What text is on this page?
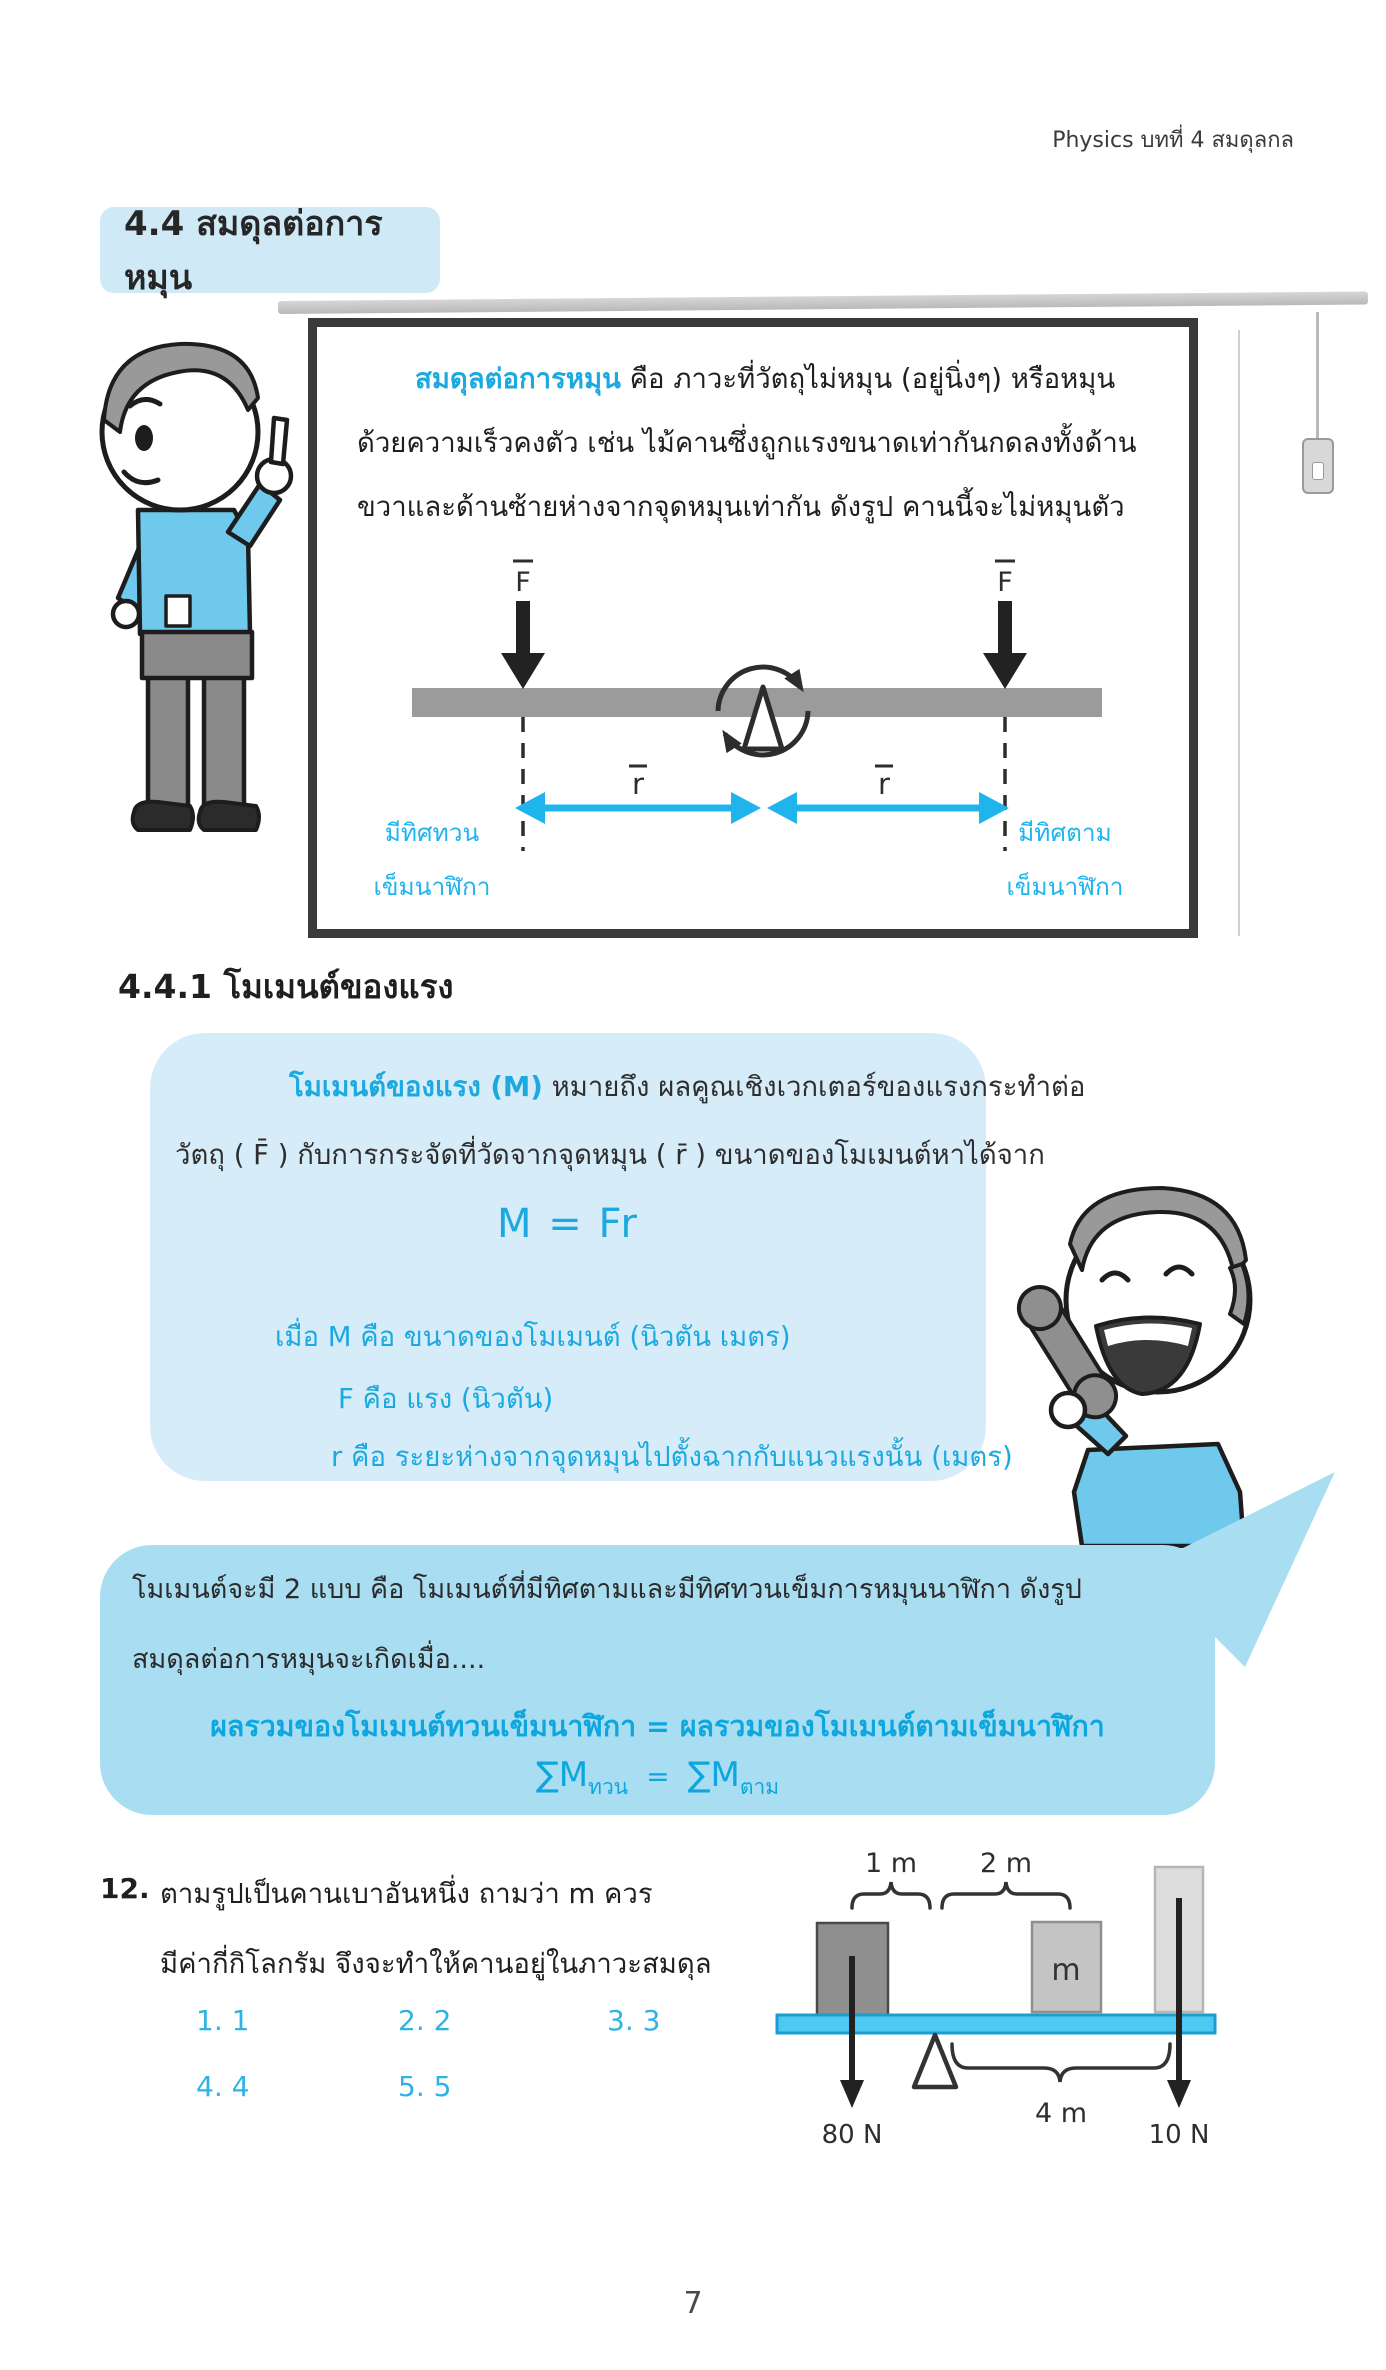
Physics บทที่ 4 สมดุลกล
4.4 สมดุลต่อการหมุน
สมดุลต่อการหมุน คือ ภาวะที่วัตถุไม่หมุน (อยู่นิ่งๆ) หรือหมุน
ด้วยความเร็วคงตัว เช่น ไม้คานซึ่งถูกแรงขนาดเท่ากันกดลงทั้งด้าน
ขวาและด้านซ้ายห่างจากจุดหมุนเท่ากัน ดังรูป คานนี้จะไม่หมุนตัว
F	F
r	r
มีทิศทวน
เข็มนาฬิกา
มีทิศตาม
เข็มนาฬิกา
4.4.1 โมเมนต์ของแรง
โมเมนต์ของแรง (M) หมายถึง ผลคูณเชิงเวกเตอร์ของแรงกระทำต่อ
วัตถุ ( F̄ ) กับการกระจัดที่วัดจากจุดหมุน ( r̄ ) ขนาดของโมเมนต์หาได้จาก
M = Fr
เมื่อ M คือ ขนาดของโมเมนต์ (นิวตัน เมตร)
F คือ แรง (นิวตัน)
r คือ ระยะห่างจากจุดหมุนไปตั้งฉากกับแนวแรงนั้น (เมตร)
โมเมนต์จะมี 2 แบบ คือ โมเมนต์ที่มีทิศตามและมีทิศทวนเข็มการหมุนนาฬิกา ดังรูป
สมดุลต่อการหมุนจะเกิดเมื่อ....
ผลรวมของโมเมนต์ทวนเข็มนาฬิกา = ผลรวมของโมเมนต์ตามเข็มนาฬิกา
$\sum M_{ทวน} = \sum M_{ตาม}$
12. ตามรูปเป็นคานเบาอันหนึ่ง ถามว่า m ควร
มีค่ากี่กิโลกรัม จึงจะทำให้คานอยู่ในภาวะสมดุล
1. 1	2. 2	3. 3
4. 4	5. 5
m
1 m 2 m
4 m
80 N	10 N
7
